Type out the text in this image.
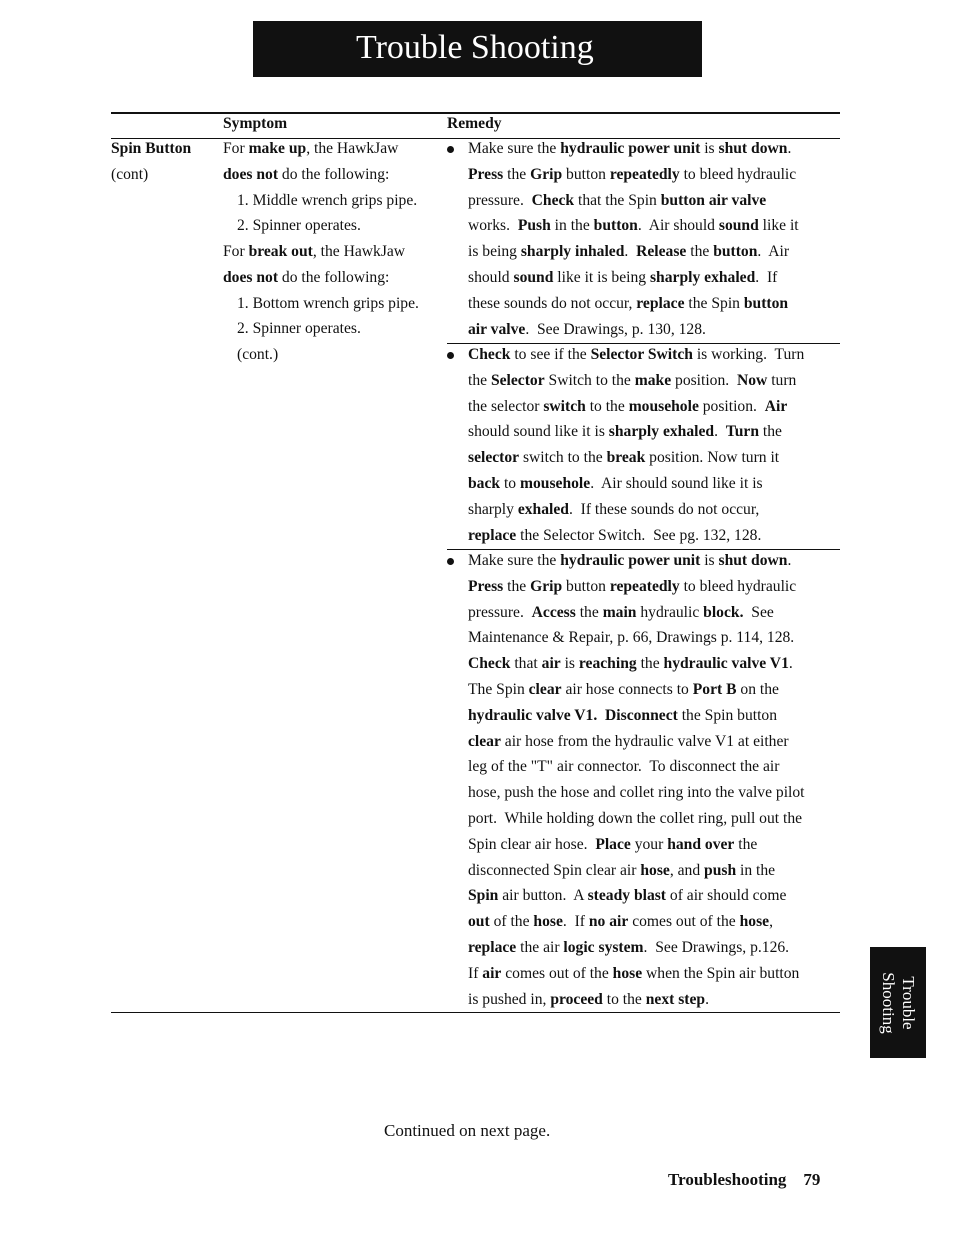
Trouble Shooting
Symptom	Remedy
Spin Button
(cont)
For make up, the HawkJaw
does not do the following:
1. Middle wrench grips pipe.
2. Spinner operates.
For break out, the HawkJaw
does not do the following:
1. Bottom wrench grips pipe.
2. Spinner operates.
(cont.)
Make sure the hydraulic power unit is shut down.
Press the Grip button repeatedly to bleed hydraulic
pressure.  Check that the Spin button air valve
works.  Push in the button.  Air should sound like it
is being sharply inhaled.  Release the button.  Air
should sound like it is being sharply exhaled.  If
these sounds do not occur, replace the Spin button
air valve.  See Drawings, p. 130, 128.
Check to see if the Selector Switch is working.  Turn
the Selector Switch to the make position.  Now turn
the selector switch to the mousehole position.  Air
should sound like it is sharply exhaled.  Turn the
selector switch to the break position. Now turn it
back to mousehole.  Air should sound like it is
sharply exhaled.  If these sounds do not occur,
replace the Selector Switch.  See pg. 132, 128.
Make sure the hydraulic power unit is shut down.
Press the Grip button repeatedly to bleed hydraulic
pressure.  Access the main hydraulic block.  See
Maintenance & Repair, p. 66, Drawings p. 114, 128.
Check that air is reaching the hydraulic valve V1.
The Spin clear air hose connects to Port B on the
hydraulic valve V1. Disconnect the Spin button
clear air hose from the hydraulic valve V1 at either
leg of the "T" air connector.  To disconnect the air
hose, push the hose and collet ring into the valve pilot
port.  While holding down the collet ring, pull out the
Spin clear air hose.  Place your hand over the
disconnected Spin clear air hose, and push in the
Spin air button.  A steady blast of air should come
out of the hose.  If no air comes out of the hose,
replace the air logic system.  See Drawings, p.126.
If air comes out of the hose when the Spin air button
is pushed in, proceed to the next step.	Trouble
Shooting
Continued on next page.
Troubleshooting 79
